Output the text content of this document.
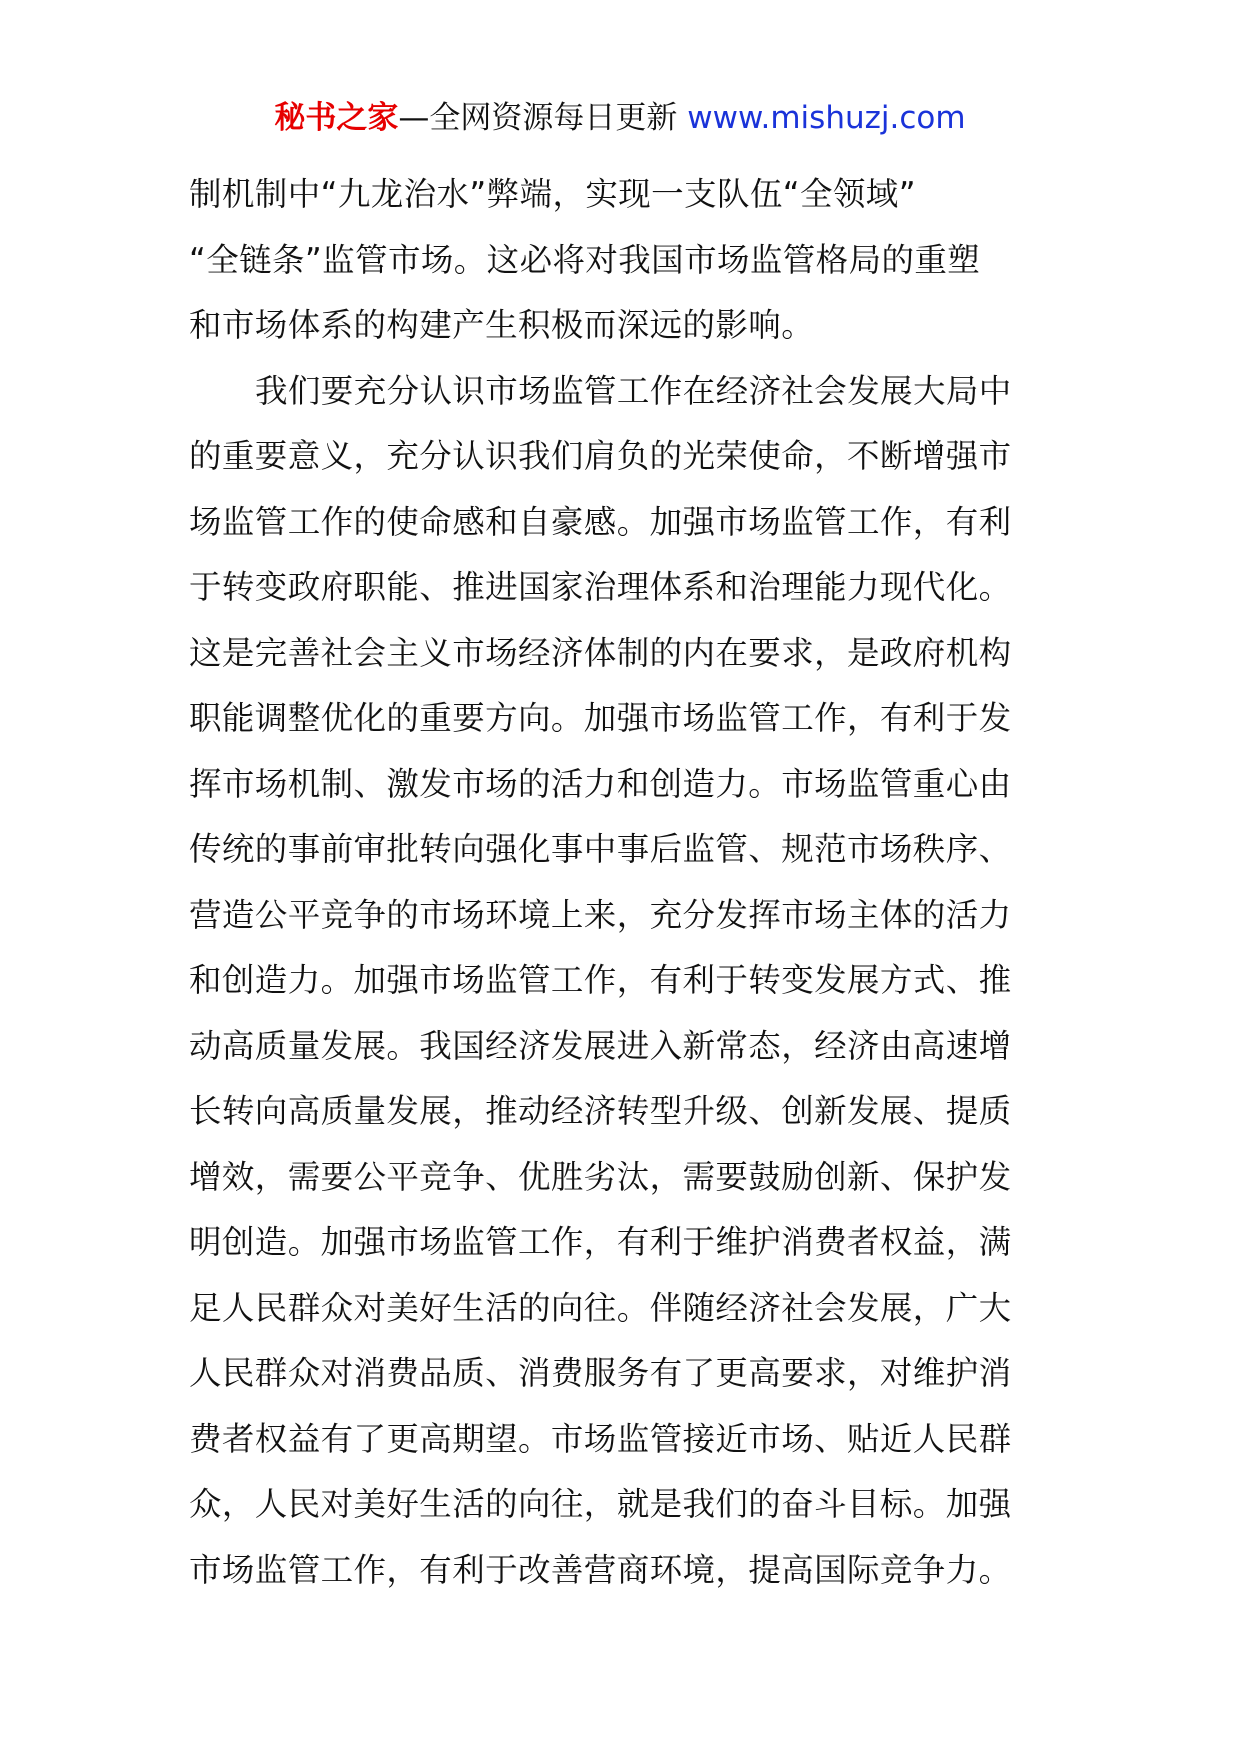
秘书之家—全网资源每日更新 www.mishuzj.com
制机制中“九龙治水”弊端，实现一支队伍“全领域”
“全链条”监管市场。这必将对我国市场监管格局的重塑
和市场体系的构建产生积极而深远的影响。
我们要充分认识市场监管工作在经济社会发展大局中
的重要意义，充分认识我们肩负的光荣使命，不断增强市
场监管工作的使命感和自豪感。加强市场监管工作，有利
于转变政府职能、推进国家治理体系和治理能力现代化。
这是完善社会主义市场经济体制的内在要求，是政府机构
职能调整优化的重要方向。加强市场监管工作，有利于发
挥市场机制、激发市场的活力和创造力。市场监管重心由
传统的事前审批转向强化事中事后监管、规范市场秩序、
营造公平竞争的市场环境上来，充分发挥市场主体的活力
和创造力。加强市场监管工作，有利于转变发展方式、推
动高质量发展。我国经济发展进入新常态，经济由高速增
长转向高质量发展，推动经济转型升级、创新发展、提质
增效，需要公平竞争、优胜劣汰，需要鼓励创新、保护发
明创造。加强市场监管工作，有利于维护消费者权益，满
足人民群众对美好生活的向往。伴随经济社会发展，广大
人民群众对消费品质、消费服务有了更高要求，对维护消
费者权益有了更高期望。市场监管接近市场、贴近人民群
众，人民对美好生活的向往，就是我们的奋斗目标。加强
市场监管工作，有利于改善营商环境，提高国际竞争力。
